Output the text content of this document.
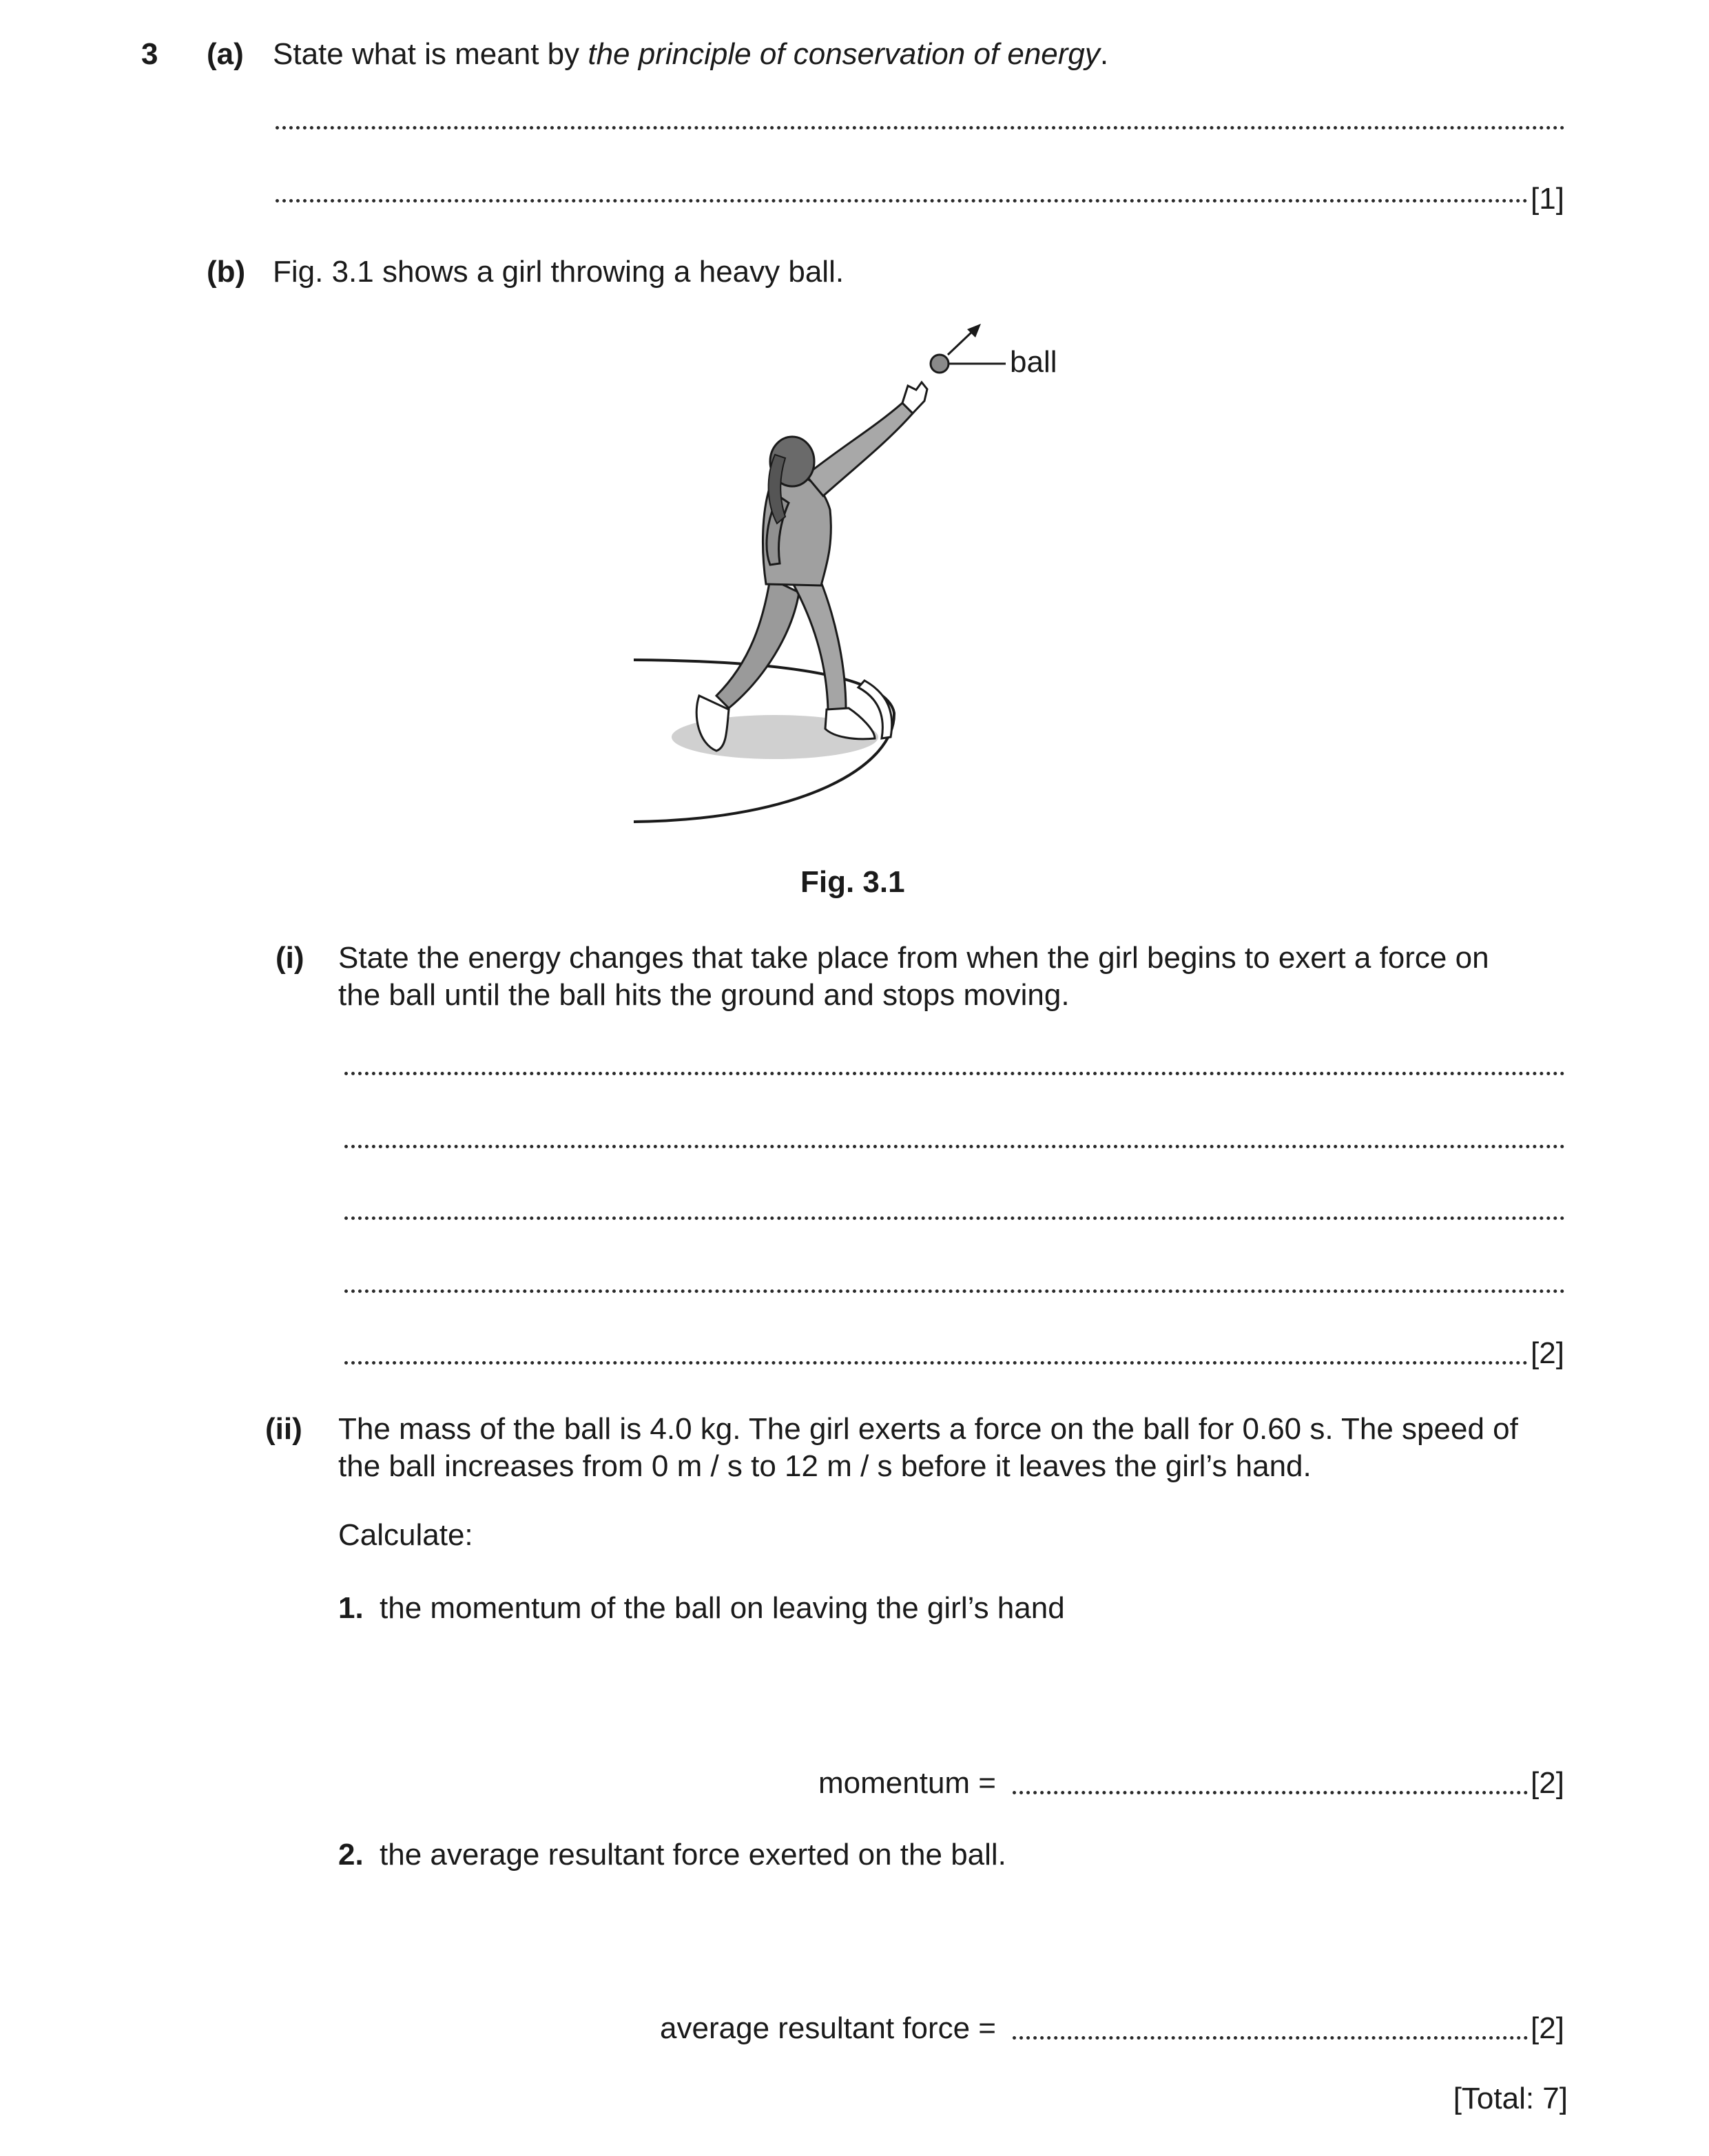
3 (a) State what is meant by the principle of conservation of energy.
[1]
(b) Fig. 3.1 shows a girl throwing a heavy ball.
ball
Fig. 3.1
(i) State the energy changes that take place from when the girl begins to exert a force on
the ball until the ball hits the ground and stops moving.
[2]
(ii) The mass of the ball is 4.0 kg. The girl exerts a force on the ball for 0.60 s. The speed of
the ball increases from 0 m / s to 12 m / s before it leaves the girl’s hand.
Calculate:
1. the momentum of the ball on leaving the girl’s hand
momentum =	[2]
2. the average resultant force exerted on the ball.
average resultant force =	[2]
[Total: 7]
